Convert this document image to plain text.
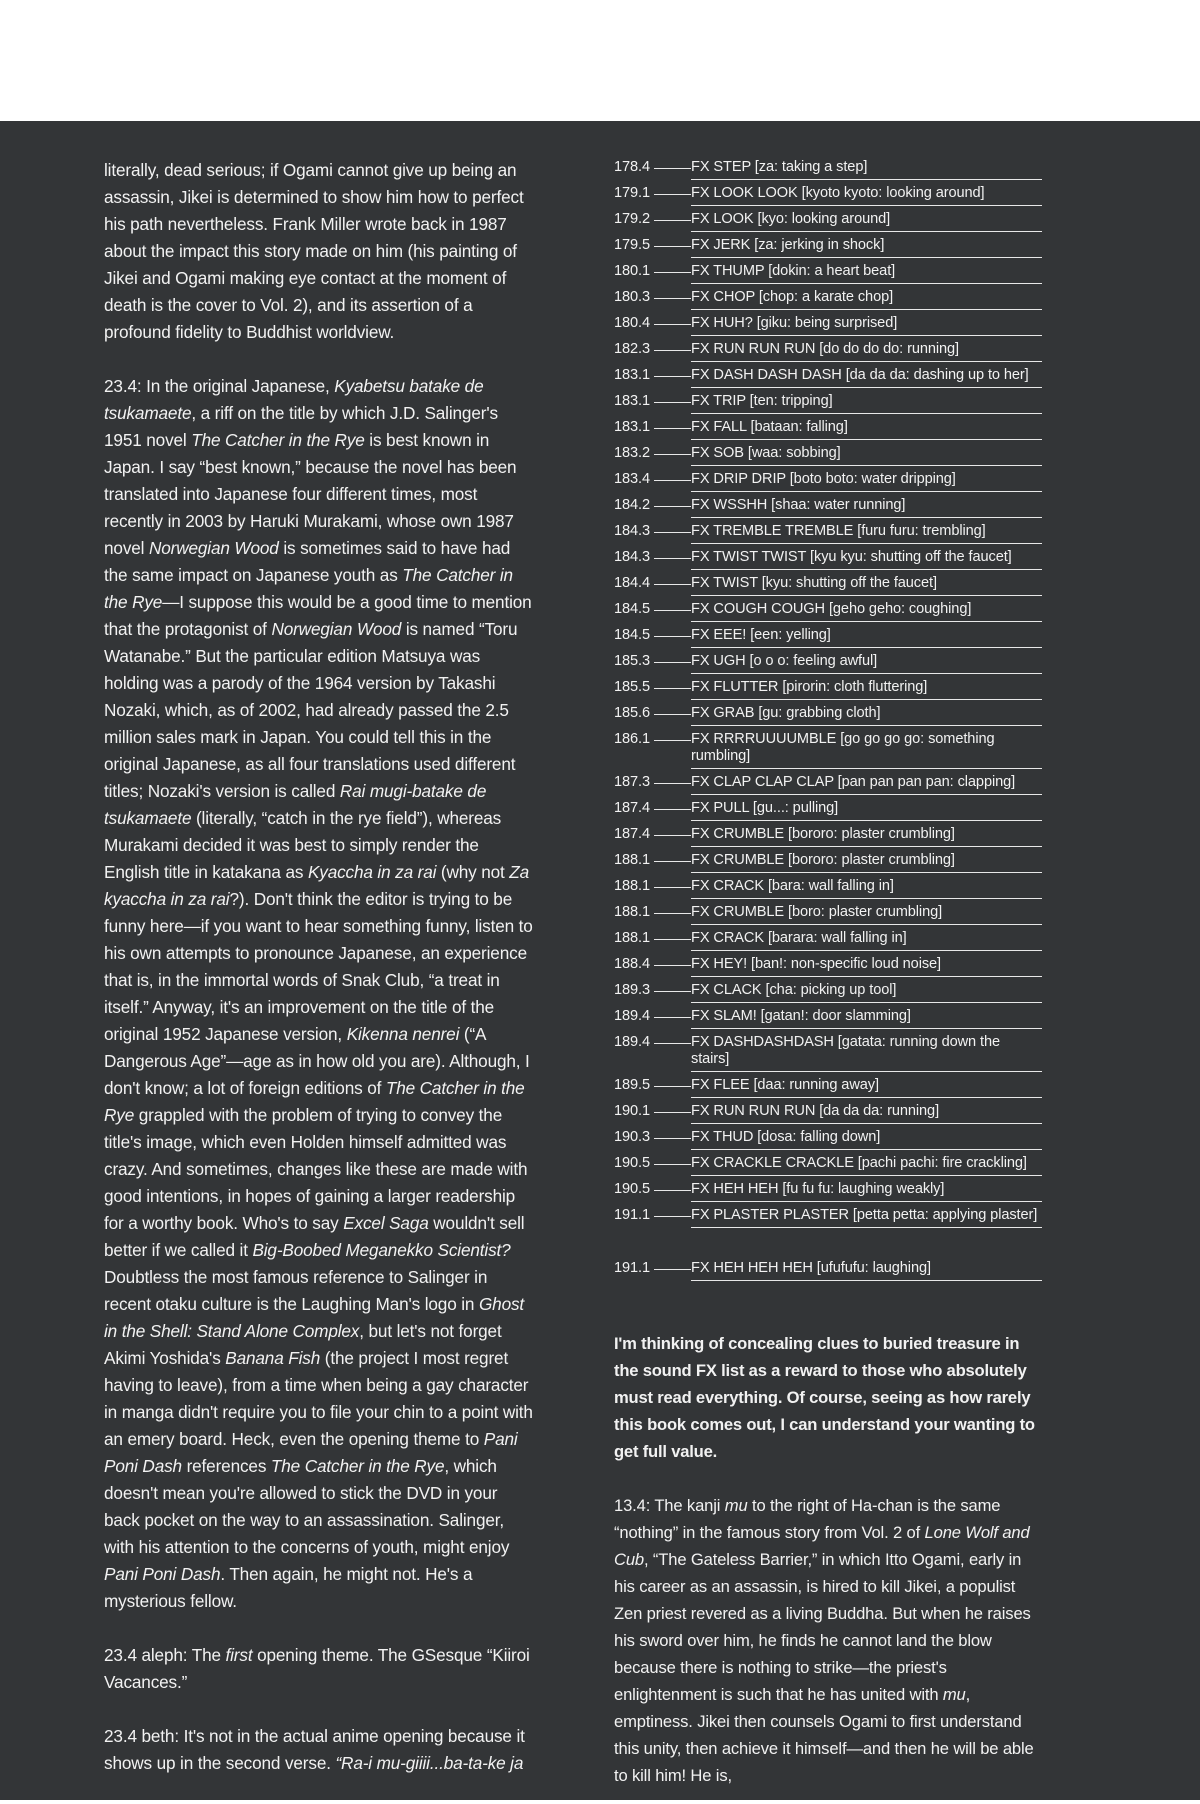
literally, dead serious; if Ogami cannot give up being an assassin, Jikei is determined to show him how to perfect his path nevertheless. Frank Miller wrote back in 1987 about the impact this story made on him (his painting of Jikei and Ogami making eye contact at the moment of death is the cover to Vol. 2), and its assertion of a profound fidelity to Buddhist worldview.

23.4: In the original Japanese, Kyabetsu batake de tsukamaete, a riff on the title by which J.D. Salinger's 1951 novel The Catcher in the Rye is best known in Japan. I say “best known,” because the novel has been translated into Japanese four different times, most recently in 2003 by Haruki Murakami, whose own 1987 novel Norwegian Wood is sometimes said to have had the same impact on Japanese youth as The Catcher in the Rye—I suppose this would be a good time to mention that the protagonist of Norwegian Wood is named “Toru Watanabe.” But the particular edition Matsuya was holding was a parody of the 1964 version by Takashi Nozaki, which, as of 2002, had already passed the 2.5 million sales mark in Japan. You could tell this in the original Japanese, as all four translations used different titles; Nozaki's version is called Rai mugi-batake de tsukamaete (literally, “catch in the rye field”), whereas Murakami decided it was best to simply render the English title in katakana as Kyaccha in za rai (why not Za kyaccha in za rai?). Don't think the editor is trying to be funny here—if you want to hear something funny, listen to his own attempts to pronounce Japanese, an experience that is, in the immortal words of Snak Club, “a treat in itself.” Anyway, it's an improvement on the title of the original 1952 Japanese version, Kikenna nenrei (“A Dangerous Age”—age as in how old you are). Although, I don't know; a lot of foreign editions of The Catcher in the Rye grappled with the problem of trying to convey the title's image, which even Holden himself admitted was crazy. And sometimes, changes like these are made with good intentions, in hopes of gaining a larger readership for a worthy book. Who's to say Excel Saga wouldn't sell better if we called it Big-Boobed Meganekko Scientist? Doubtless the most famous reference to Salinger in recent otaku culture is the Laughing Man's logo in Ghost in the Shell: Stand Alone Complex, but let's not forget Akimi Yoshida's Banana Fish (the project I most regret having to leave), from a time when being a gay character in manga didn't require you to file your chin to a point with an emery board. Heck, even the opening theme to Pani Poni Dash references The Catcher in the Rye, which doesn't mean you're allowed to stick the DVD in your back pocket on the way to an assassination. Salinger, with his attention to the concerns of youth, might enjoy Pani Poni Dash. Then again, he might not. He's a mysterious fellow.

23.4 aleph: The first opening theme. The GSesque “Kiiroi Vacances.”

23.4 beth: It's not in the actual anime opening because it shows up in the second verse. “Ra-i mu-giiii...ba-ta-ke ja

178.4	FX STEP [za: taking a step]
179.1	FX LOOK LOOK [kyoto kyoto: looking around]
179.2	FX LOOK [kyo: looking around]
179.5	FX JERK [za: jerking in shock]
180.1	FX THUMP [dokin: a heart beat]
180.3	FX CHOP [chop: a karate chop]
180.4	FX HUH? [giku: being surprised]
182.3	FX RUN RUN RUN [do do do do: running]
183.1	FX DASH DASH DASH [da da da: dashing up to her]
183.1	FX TRIP [ten: tripping]
183.1	FX FALL [bataan: falling]
183.2	FX SOB [waa: sobbing]
183.4	FX DRIP DRIP [boto boto: water dripping]
184.2	FX WSSHH [shaa: water running]
184.3	FX TREMBLE TREMBLE [furu furu: trembling]
184.3	FX TWIST TWIST [kyu kyu: shutting off the faucet]
184.4	FX TWIST [kyu: shutting off the faucet]
184.5	FX COUGH COUGH [geho geho: coughing]
184.5	FX EEE! [een: yelling]
185.3	FX UGH [o o o: feeling awful]
185.5	FX FLUTTER [pirorin: cloth fluttering]
185.6	FX GRAB [gu: grabbing cloth]
186.1	FX RRRRUUUUMBLE [go go go go: something rumbling]
187.3	FX CLAP CLAP CLAP [pan pan pan pan: clapping]
187.4	FX PULL [gu...: pulling]
187.4	FX CRUMBLE [bororo: plaster crumbling]
188.1	FX CRUMBLE [bororo: plaster crumbling]
188.1	FX CRACK [bara: wall falling in]
188.1	FX CRUMBLE [boro: plaster crumbling]
188.1	FX CRACK [barara: wall falling in]
188.4	FX HEY! [ban!: non-specific loud noise]
189.3	FX CLACK [cha: picking up tool]
189.4	FX SLAM! [gatan!: door slamming]
189.4	FX DASHDASHDASH [gatata: running down the stairs]
189.5	FX FLEE [daa: running away]
190.1	FX RUN RUN RUN [da da da: running]
190.3	FX THUD [dosa: falling down]
190.5	FX CRACKLE CRACKLE [pachi pachi: fire crackling]
190.5	FX HEH HEH [fu fu fu: laughing weakly]
191.1	FX PLASTER PLASTER [petta petta: applying plaster]
191.1	FX HEH HEH HEH [ufufufu: laughing]

I'm thinking of concealing clues to buried treasure in the sound FX list as a reward to those who absolutely must read everything. Of course, seeing as how rarely this book comes out, I can understand your wanting to get full value.

13.4: The kanji mu to the right of Ha-chan is the same “nothing” in the famous story from Vol. 2 of Lone Wolf and Cub, “The Gateless Barrier,” in which Itto Ogami, early in his career as an assassin, is hired to kill Jikei, a populist Zen priest revered as a living Buddha. But when he raises his sword over him, he finds he cannot land the blow because there is nothing to strike—the priest's enlightenment is such that he has united with mu, emptiness. Jikei then counsels Ogami to first understand this unity, then achieve it himself—and then he will be able to kill him! He is,
